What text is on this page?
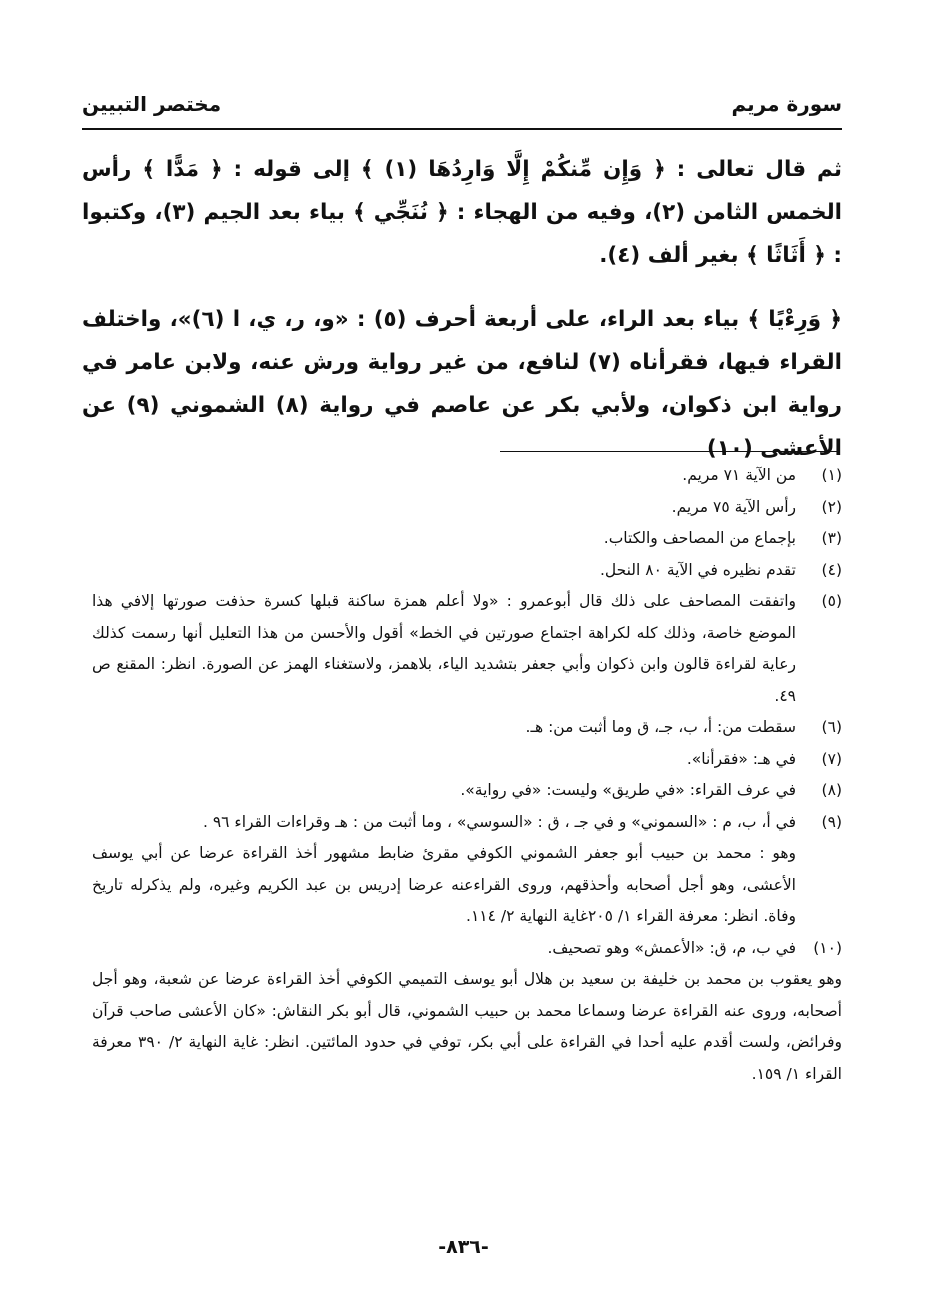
سورة مريم
مختصر التبيين

ثم قال تعالى : ﴿ وَإِن مِّنكُمْ إِلَّا وَارِدُهَا (١) ﴾ إلى قوله : ﴿ مَدًّا ﴾ رأس الخمس الثامن (٢)، وفيه من الهجاء : ﴿ نُنَجِّي ﴾ بياء بعد الجيم (٣)، وكتبوا : ﴿ أَثَاثًا ﴾ بغير ألف (٤).

﴿ وَرِءْيًا ﴾ بياء بعد الراء، على أربعة أحرف (٥) : «و، ر، ي، ا (٦)»، واختلف القراء فيها، فقرأناه (٧) لنافع، من غير رواية ورش عنه، ولابن عامر في رواية ابن ذكوان، ولأبي بكر عن عاصم في رواية (٨) الشموني (٩) عن الأعشى (١٠)

(١)
من الآية ٧١ مريم.
(٢)
رأس الآية ٧٥ مريم.
(٣)
بإجماع من المصاحف والكتاب.
(٤)
تقدم نظيره في الآية ٨٠ النحل.
(٥)
واتفقت المصاحف على ذلك قال أبوعمرو : «ولا أعلم همزة ساكنة قبلها كسرة حذفت صورتها إلافي هذا الموضع خاصة، وذلك كله لكراهة اجتماع صورتين في الخط» أقول والأحسن من هذا التعليل أنها رسمت كذلك رعاية لقراءة قالون وابن ذكوان وأبي جعفر بتشديد الياء، بلاهمز، ولاستغناء الهمز عن الصورة. انظر: المقنع ص ٤٩.
(٦)
سقطت من: أ، ب، جـ، ق وما أثبت من: هـ.
(٧)
في هـ: «فقرأنا».
(٨)
في عرف القراء: «في طريق» وليست: «في رواية».
(٩)
في أ، ب، م : «السموني» و في جـ ، ق : «السوسي» ، وما أثبت من : هـ وقراءات القراء ٩٦ .
وهو : محمد بن حبيب أبو جعفر الشموني الكوفي مقرئ ضابط مشهور أخذ القراءة عرضا عن أبي يوسف الأعشى، وهو أجل أصحابه وأحذقهم، وروى القراءعنه عرضا إدريس بن عبد الكريم وغيره، ولم يذكرله تاريخ وفاة. انظر: معرفة القراء ١/ ٢٠٥غاية النهاية ٢/ ١١٤.
(١٠)
في ب، م، ق: «الأعمش» وهو تصحيف.
وهو يعقوب بن محمد بن خليفة بن سعيد بن هلال أبو يوسف التميمي الكوفي أخذ القراءة عرضا عن شعبة، وهو أجل أصحابه، وروى عنه القراءة عرضا وسماعا محمد بن حبيب الشموني، قال أبو بكر النقاش: «كان الأعشى صاحب قرآن وفرائض، ولست أقدم عليه أحدا في القراءة على أبي بكر، توفي في حدود المائتين. انظر: غاية النهاية ٢/ ٣٩٠ معرفة القراء ١/ ١٥٩.
-٨٣٦-
